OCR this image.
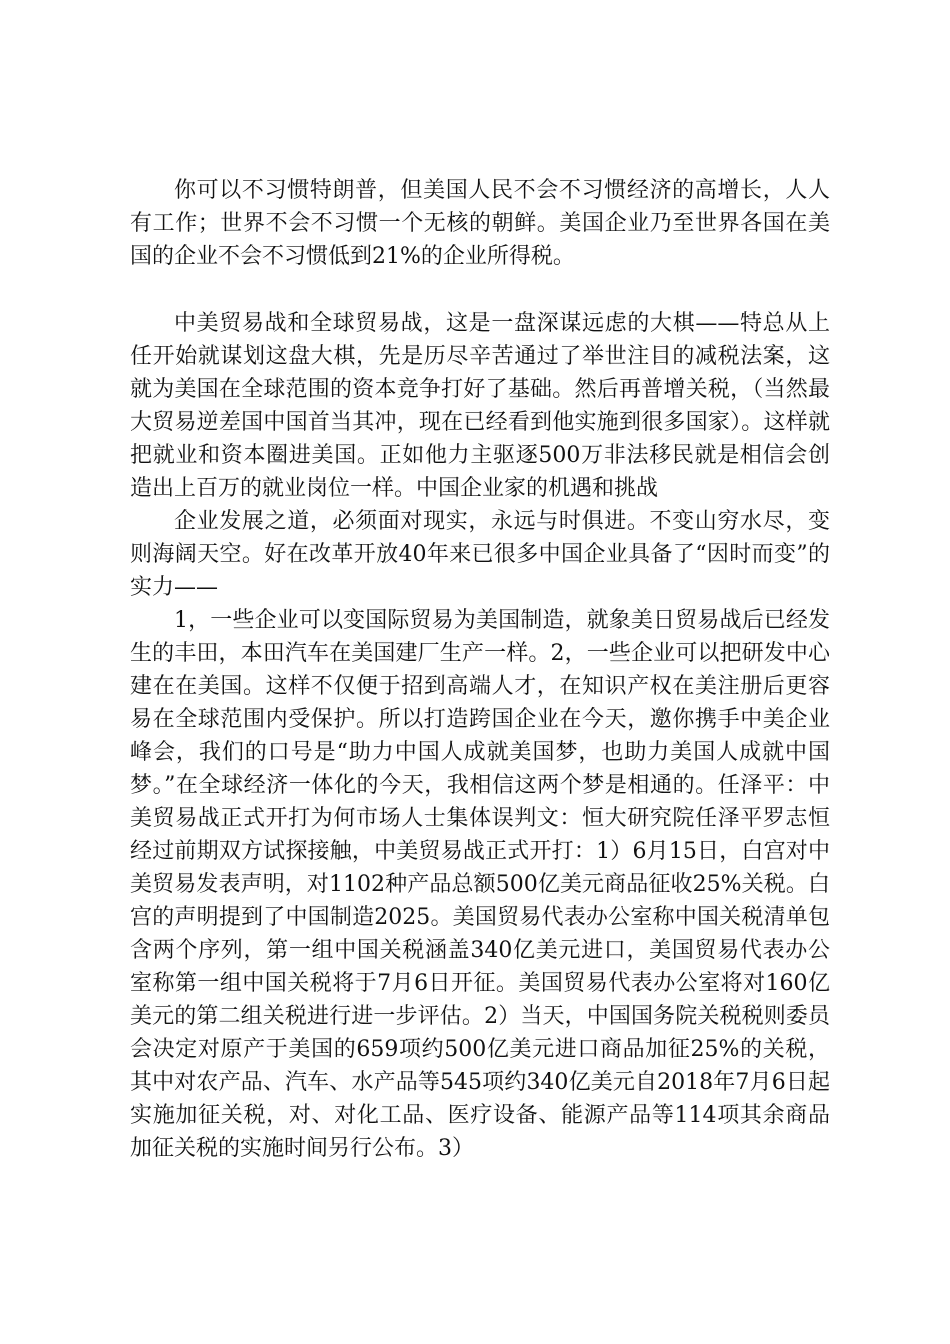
你可以不习惯特朗普，但美国人民不会不习惯经济的高增长，人人有工作；世界不会不习惯一个无核的朝鲜。美国企业乃至世界各国在美国的企业不会不习惯低到21%的企业所得税。

中美贸易战和全球贸易战，这是一盘深谋远虑的大棋——特总从上任开始就谋划这盘大棋，先是历尽辛苦通过了举世注目的减税法案，这就为美国在全球范围的资本竞争打好了基础。然后再普增关税，（当然最大贸易逆差国中国首当其冲，现在已经看到他实施到很多国家）。这样就把就业和资本圈进美国。正如他力主驱逐500万非法移民就是相信会创造出上百万的就业岗位一样。中国企业家的机遇和挑战

企业发展之道，必须面对现实，永远与时俱进。不变山穷水尽，变则海阔天空。好在改革开放40年来已很多中国企业具备了“因时而变”的实力——

1，一些企业可以变国际贸易为美国制造，就象美日贸易战后已经发生的丰田，本田汽车在美国建厂生产一样。2，一些企业可以把研发中心建在在美国。这样不仅便于招到高端人才，在知识产权在美注册后更容易在全球范围内受保护。所以打造跨国企业在今天，邀你携手中美企业峰会，我们的口号是“助力中国人成就美国梦，也助力美国人成就中国梦。”在全球经济一体化的今天，我相信这两个梦是相通的。任泽平：中美贸易战正式开打为何市场人士集体误判文：恒大研究院任泽平罗志恒经过前期双方试探接触，中美贸易战正式开打：1）6月15日，白宫对中美贸易发表声明，对1102种产品总额500亿美元商品征收25%关税。白宫的声明提到了中国制造2025。美国贸易代表办公室称中国关税清单包含两个序列，第一组中国关税涵盖340亿美元进口，美国贸易代表办公室称第一组中国关税将于7月6日开征。美国贸易代表办公室将对160亿美元的第二组关税进行进一步评估。2）当天，中国国务院关税税则委员会决定对原产于美国的659项约500亿美元进口商品加征25%的关税，其中对农产品、汽车、水产品等545项约340亿美元自2018年7月6日起实施加征关税，对、对化工品、医疗设备、能源产品等114项其余商品加征关税的实施时间另行公布。3）
